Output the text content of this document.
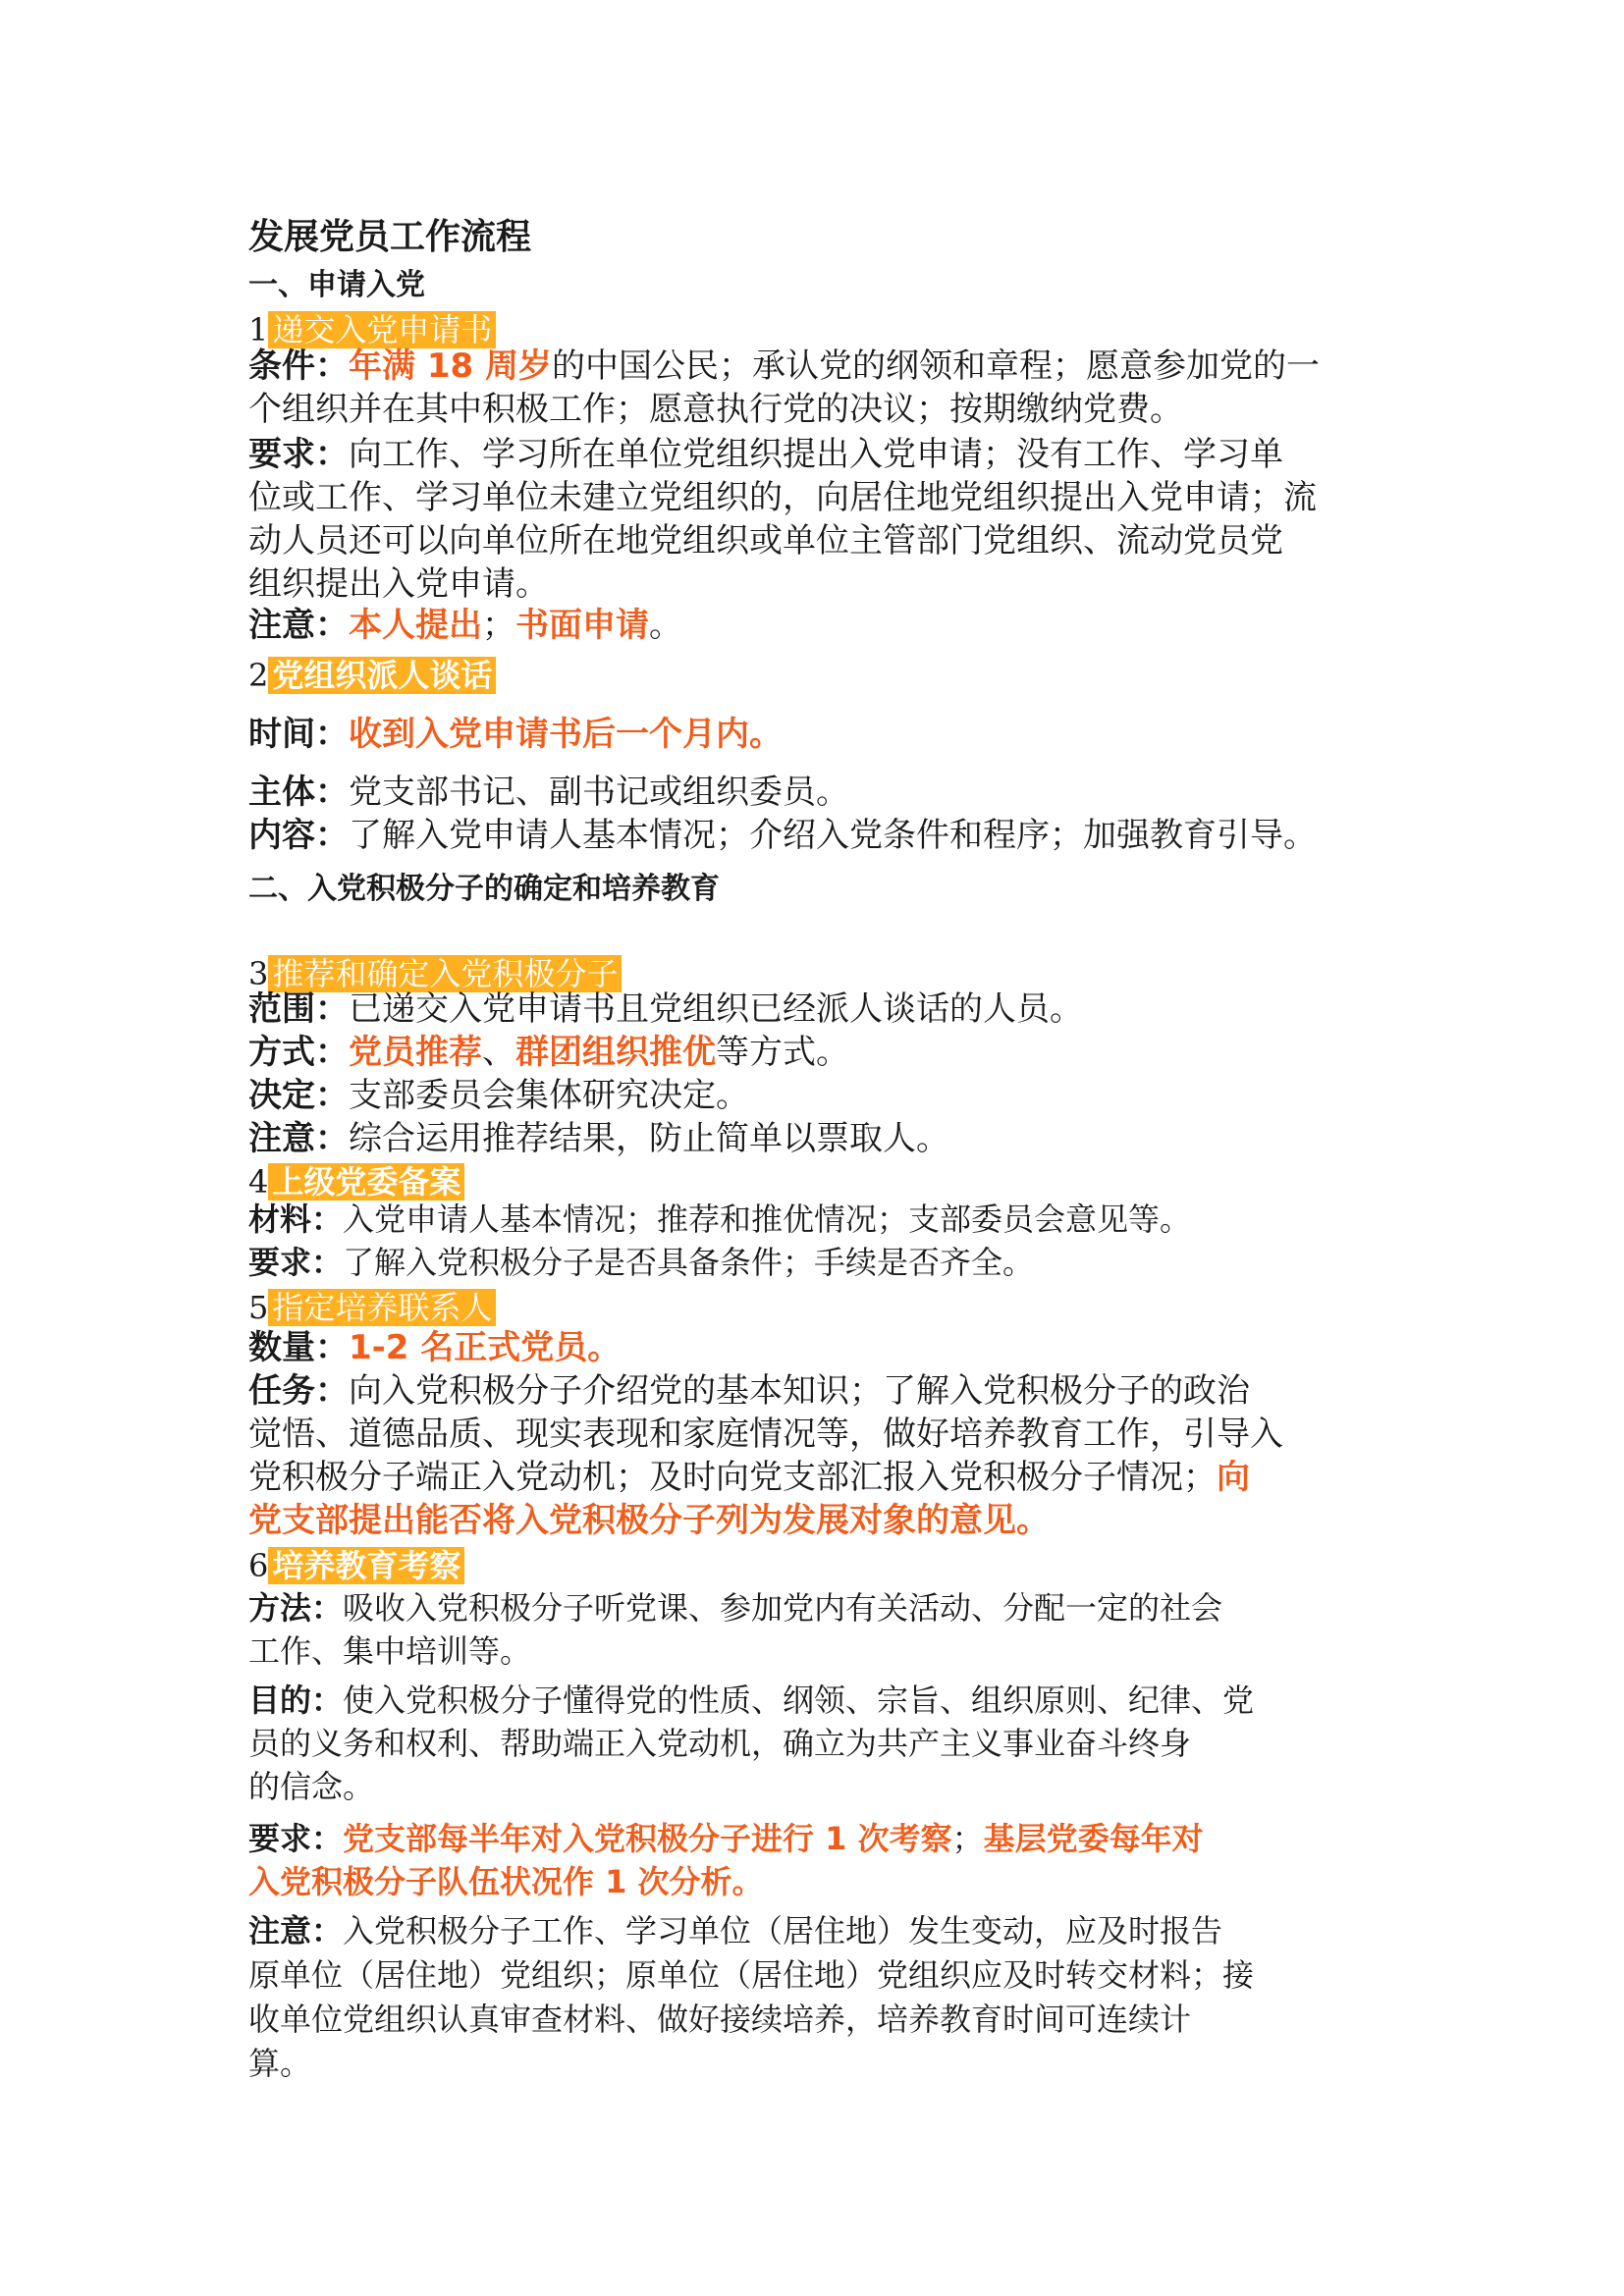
发展党员工作流程
一、申请入党
1 递交入党申请书
条件：年满 18 周岁的中国公民；承认党的纲领和章程；愿意参加党的一
个组织并在其中积极工作；愿意执行党的决议；按期缴纳党费。
要求：向工作、学习所在单位党组织提出入党申请；没有工作、学习单
位或工作、学习单位未建立党组织的，向居住地党组织提出入党申请；流
动人员还可以向单位所在地党组织或单位主管部门党组织、流动党员党
组织提出入党申请。
注意：本人提出；书面申请。
2 党组织派人谈话
时间：收到入党申请书后一个月内。
主体：党支部书记、副书记或组织委员。
内容：了解入党申请人基本情况；介绍入党条件和程序；加强教育引导。
二、入党积极分子的确定和培养教育
3 推荐和确定入党积极分子
范围：已递交入党申请书且党组织已经派人谈话的人员。
方式：党员推荐、群团组织推优等方式。
决定：支部委员会集体研究决定。
注意：综合运用推荐结果，防止简单以票取人。
4 上级党委备案
材料：入党申请人基本情况；推荐和推优情况；支部委员会意见等。
要求：了解入党积极分子是否具备条件；手续是否齐全。
5 指定培养联系人
数量：1-2 名正式党员。
任务：向入党积极分子介绍党的基本知识；了解入党积极分子的政治
觉悟、道德品质、现实表现和家庭情况等，做好培养教育工作，引导入
党积极分子端正入党动机；及时向党支部汇报入党积极分子情况；向
党支部提出能否将入党积极分子列为发展对象的意见。
6 培养教育考察
方法：吸收入党积极分子听党课、参加党内有关活动、分配一定的社会
工作、集中培训等。
目的：使入党积极分子懂得党的性质、纲领、宗旨、组织原则、纪律、党
员的义务和权利、帮助端正入党动机，确立为共产主义事业奋斗终身
的信念。
要求：党支部每半年对入党积极分子进行 1 次考察；基层党委每年对
入党积极分子队伍状况作 1 次分析。
注意：入党积极分子工作、学习单位（居住地）发生变动，应及时报告
原单位（居住地）党组织；原单位（居住地）党组织应及时转交材料；接
收单位党组织认真审查材料、做好接续培养，培养教育时间可连续计
算。
